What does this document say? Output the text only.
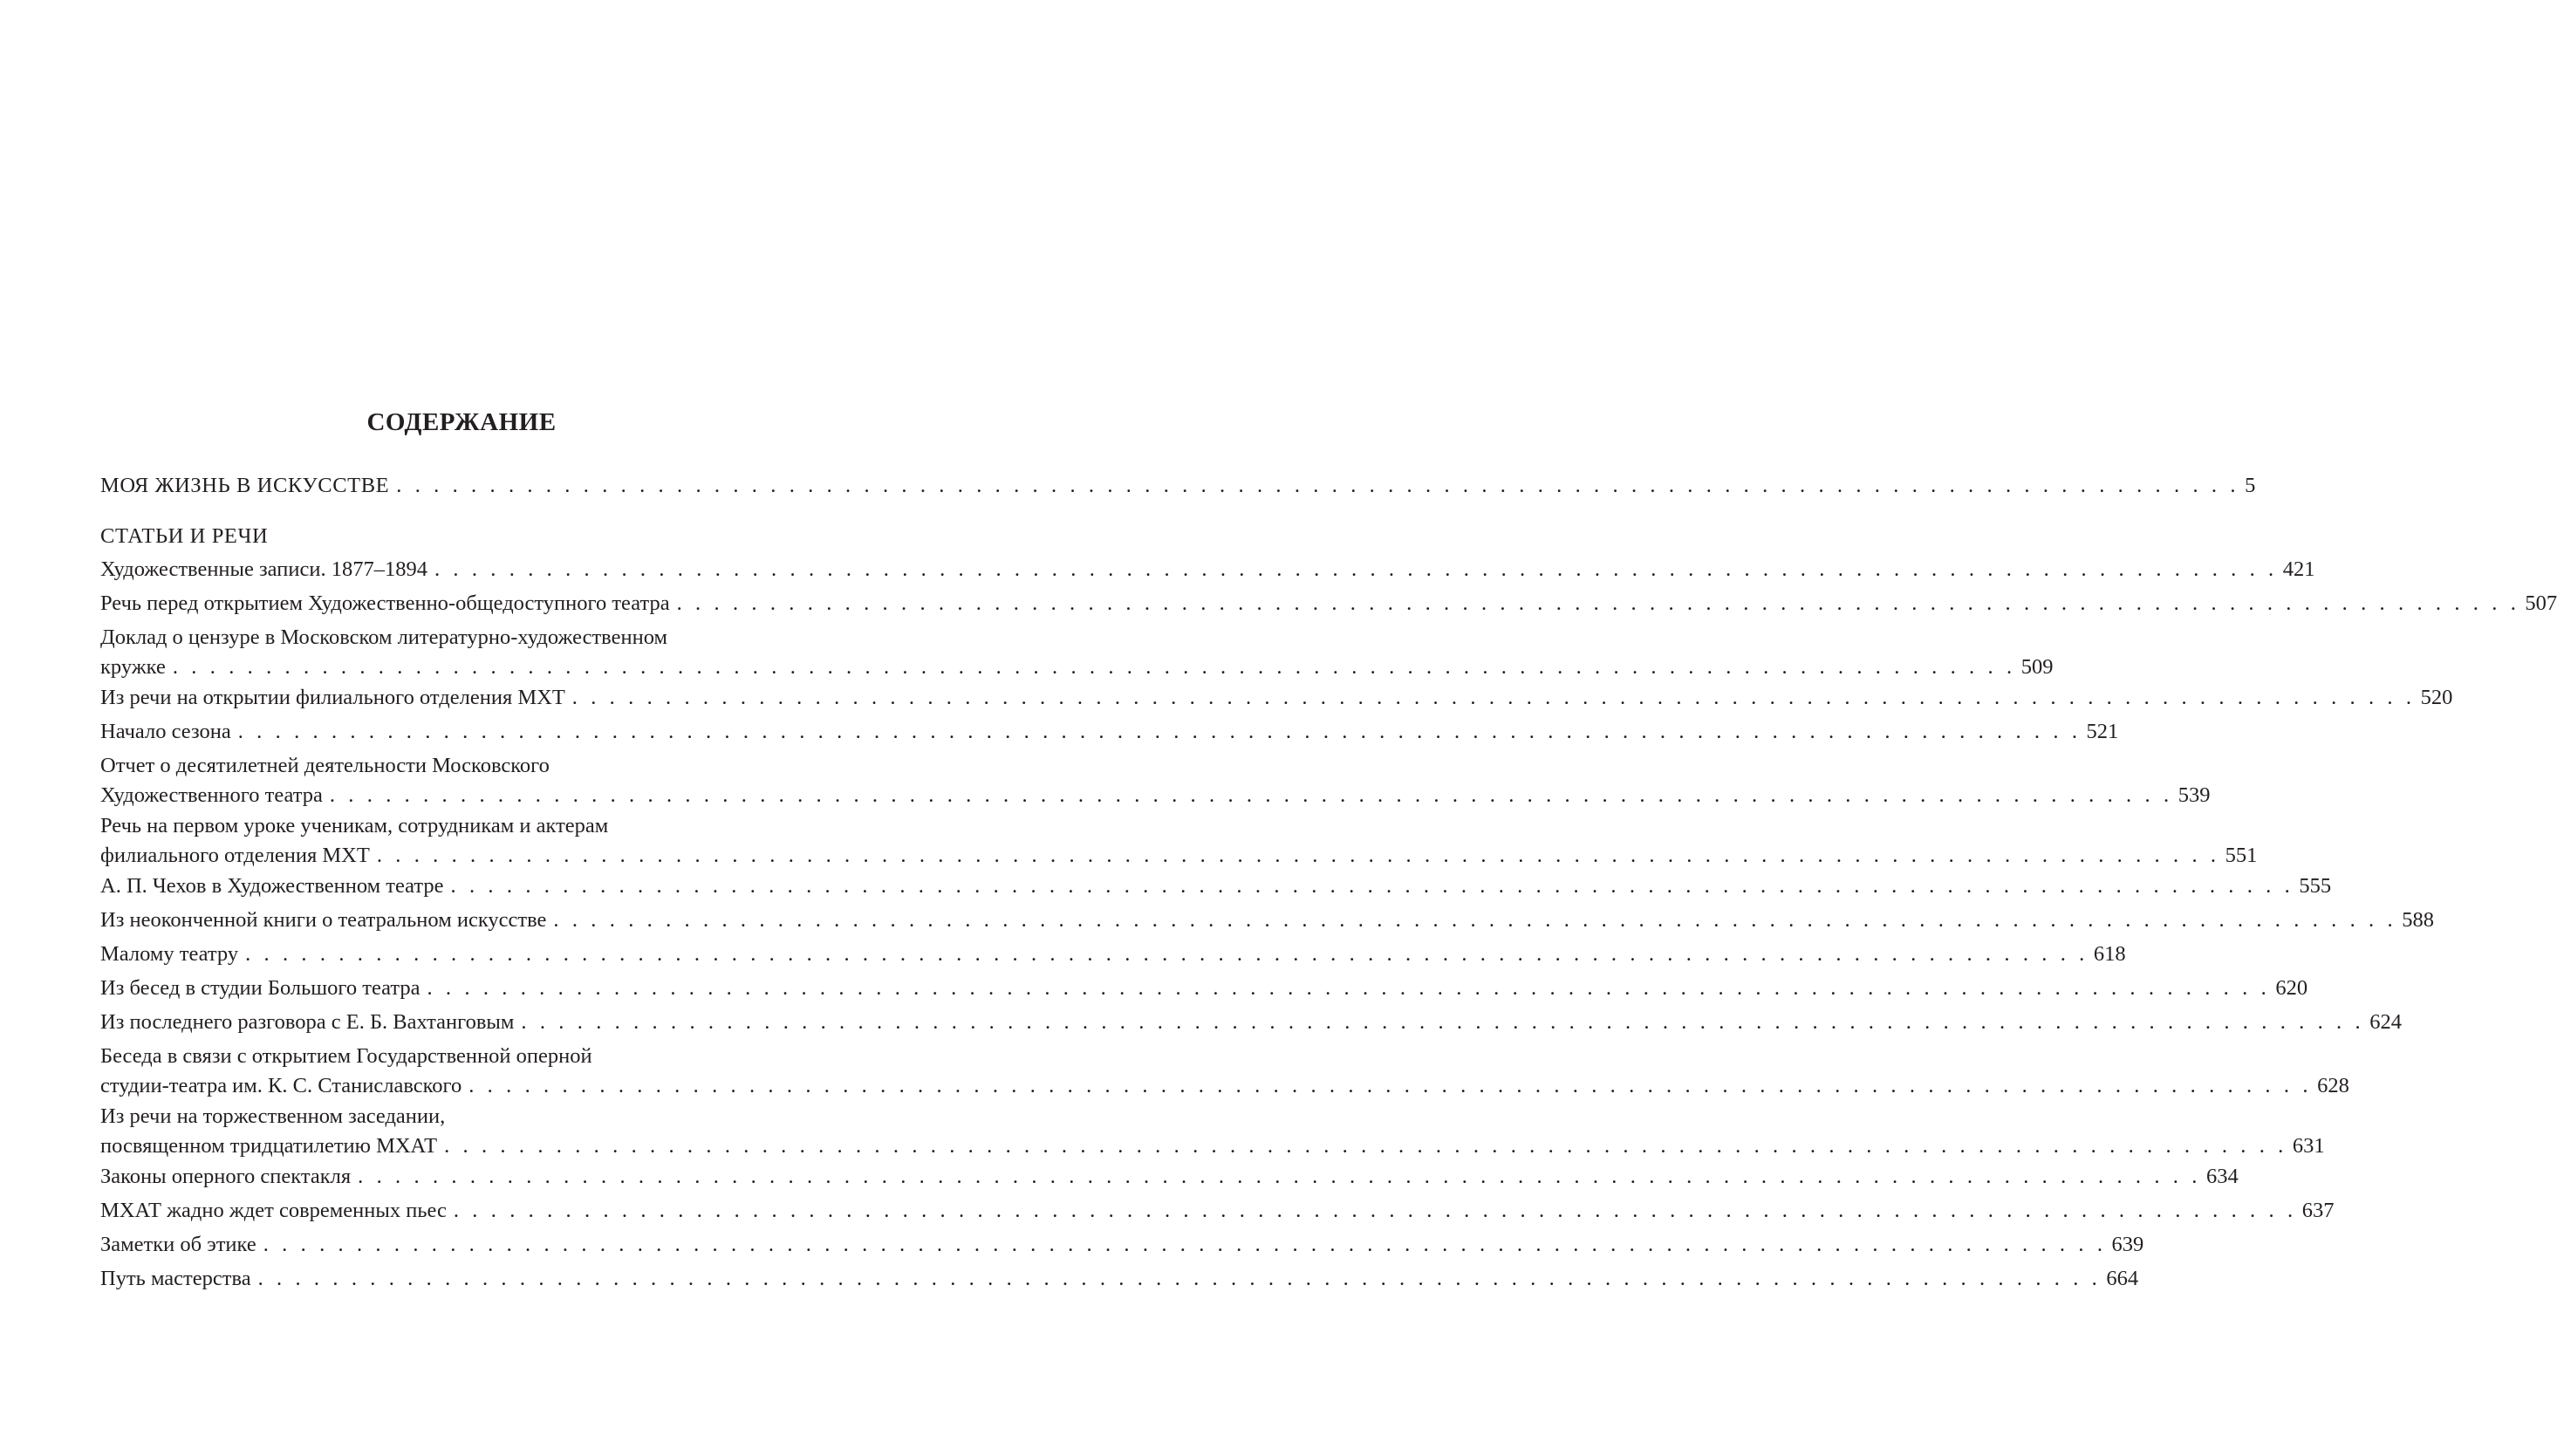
СОДЕРЖАНИЕ
МОЯ ЖИЗНЬ В ИСКУССТВЕ . . . . . . . . . . . . . . . . . . . . . . . . . . . . . . . . . . . . . . . . . . . . . . . . . . . . . . . . . . . . . . . . . . . . . . . . . . . . . . . . . . . . . . . . . . . . . . . . . . . 5
СТАТЬИ И РЕЧИ
Художественные записи. 1877–1894 . . . . . . . . . . . . . . . . . . . . . . . . . . . . . . . . . . . . . . . . . . . . . . . . . . . . . . . . . . . . . . . . . . . . . . . . . . . . . . . . . . . . . . . . . . . . . . . . . . . 421
Речь перед открытием Художественно-общедоступного театра . . . . . . . . . . . . . . . . . . . . . . . . . . . . . . . . . . . . . . . . . . . . . . . . . . . . . . . . . . . . . . . . . . . . . . . . . . . . . . . . . . . . . . . . . . . . . . . . . . . 507
Доклад о цензуре в Московском литературно-художественном
кружке . . . . . . . . . . . . . . . . . . . . . . . . . . . . . . . . . . . . . . . . . . . . . . . . . . . . . . . . . . . . . . . . . . . . . . . . . . . . . . . . . . . . . . . . . . . . . . . . . . . 509
Из речи на открытии филиального отделения МХТ . . . . . . . . . . . . . . . . . . . . . . . . . . . . . . . . . . . . . . . . . . . . . . . . . . . . . . . . . . . . . . . . . . . . . . . . . . . . . . . . . . . . . . . . . . . . . . . . . . . 520
Начало сезона . . . . . . . . . . . . . . . . . . . . . . . . . . . . . . . . . . . . . . . . . . . . . . . . . . . . . . . . . . . . . . . . . . . . . . . . . . . . . . . . . . . . . . . . . . . . . . . . . . . 521
Отчет о десятилетней деятельности Московского
Художественного театра . . . . . . . . . . . . . . . . . . . . . . . . . . . . . . . . . . . . . . . . . . . . . . . . . . . . . . . . . . . . . . . . . . . . . . . . . . . . . . . . . . . . . . . . . . . . . . . . . . . 539
Речь на первом уроке ученикам, сотрудникам и актерам
филиального отделения МХТ . . . . . . . . . . . . . . . . . . . . . . . . . . . . . . . . . . . . . . . . . . . . . . . . . . . . . . . . . . . . . . . . . . . . . . . . . . . . . . . . . . . . . . . . . . . . . . . . . . . 551
А. П. Чехов в Художественном театре . . . . . . . . . . . . . . . . . . . . . . . . . . . . . . . . . . . . . . . . . . . . . . . . . . . . . . . . . . . . . . . . . . . . . . . . . . . . . . . . . . . . . . . . . . . . . . . . . . . 555
Из неоконченной книги о театральном искусстве . . . . . . . . . . . . . . . . . . . . . . . . . . . . . . . . . . . . . . . . . . . . . . . . . . . . . . . . . . . . . . . . . . . . . . . . . . . . . . . . . . . . . . . . . . . . . . . . . . . 588
Малому театру . . . . . . . . . . . . . . . . . . . . . . . . . . . . . . . . . . . . . . . . . . . . . . . . . . . . . . . . . . . . . . . . . . . . . . . . . . . . . . . . . . . . . . . . . . . . . . . . . . . 618
Из бесед в студии Большого театра . . . . . . . . . . . . . . . . . . . . . . . . . . . . . . . . . . . . . . . . . . . . . . . . . . . . . . . . . . . . . . . . . . . . . . . . . . . . . . . . . . . . . . . . . . . . . . . . . . . 620
Из последнего разговора с Е. Б. Вахтанговым . . . . . . . . . . . . . . . . . . . . . . . . . . . . . . . . . . . . . . . . . . . . . . . . . . . . . . . . . . . . . . . . . . . . . . . . . . . . . . . . . . . . . . . . . . . . . . . . . . . 624
Беседа в связи с открытием Государственной оперной
студии-театра им. К. С. Станиславского . . . . . . . . . . . . . . . . . . . . . . . . . . . . . . . . . . . . . . . . . . . . . . . . . . . . . . . . . . . . . . . . . . . . . . . . . . . . . . . . . . . . . . . . . . . . . . . . . . . 628
Из речи на торжественном заседании,
посвященном тридцатилетию МХАТ . . . . . . . . . . . . . . . . . . . . . . . . . . . . . . . . . . . . . . . . . . . . . . . . . . . . . . . . . . . . . . . . . . . . . . . . . . . . . . . . . . . . . . . . . . . . . . . . . . . 631
Законы оперного спектакля . . . . . . . . . . . . . . . . . . . . . . . . . . . . . . . . . . . . . . . . . . . . . . . . . . . . . . . . . . . . . . . . . . . . . . . . . . . . . . . . . . . . . . . . . . . . . . . . . . . 634
МХАТ жадно ждет современных пьес . . . . . . . . . . . . . . . . . . . . . . . . . . . . . . . . . . . . . . . . . . . . . . . . . . . . . . . . . . . . . . . . . . . . . . . . . . . . . . . . . . . . . . . . . . . . . . . . . . . 637
Заметки об этике . . . . . . . . . . . . . . . . . . . . . . . . . . . . . . . . . . . . . . . . . . . . . . . . . . . . . . . . . . . . . . . . . . . . . . . . . . . . . . . . . . . . . . . . . . . . . . . . . . . 639
Путь мастерства . . . . . . . . . . . . . . . . . . . . . . . . . . . . . . . . . . . . . . . . . . . . . . . . . . . . . . . . . . . . . . . . . . . . . . . . . . . . . . . . . . . . . . . . . . . . . . . . . . . 664
